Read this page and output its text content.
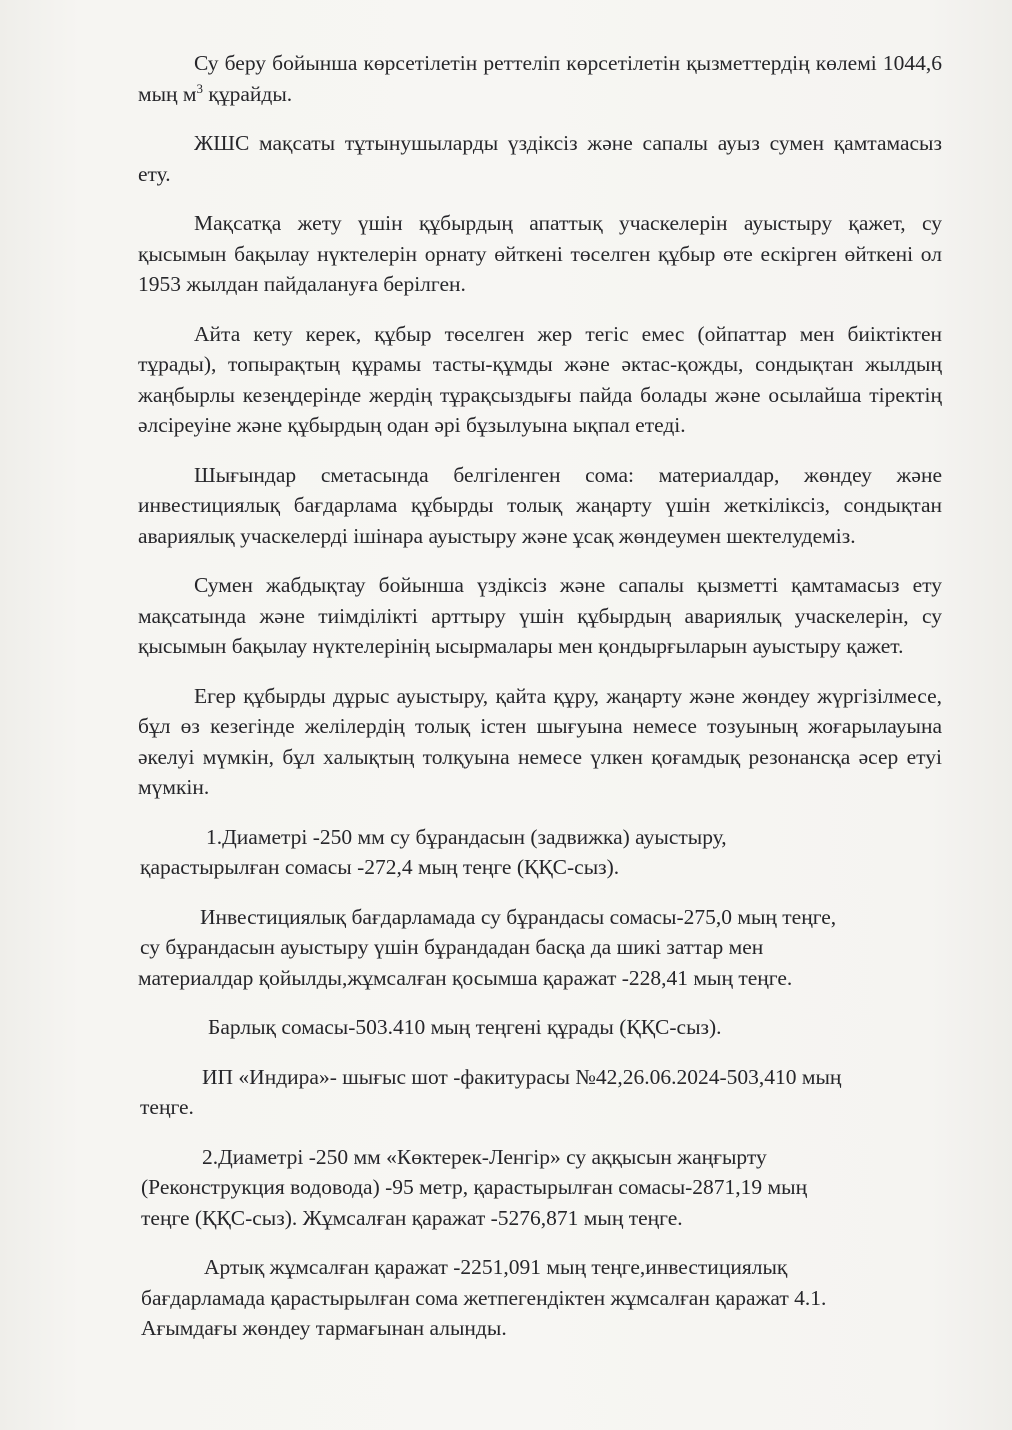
Су беру бойынша көрсетілетін реттеліп көрсетілетін қызметтердің көлемі 1044,6 мың $м^3$ құрайды.

ЖШС мақсаты тұтынушыларды үздіксіз және сапалы ауыз сумен қамтамасыз ету.

Мақсатқа жету үшін құбырдың апаттық учаскелерін ауыстыру қажет, су қысымын бақылау нүктелерін орнату өйткені төселген құбыр өте ескірген өйткені ол 1953 жылдан пайдалануға берілген.

Айта кету керек, құбыр төселген жер тегіс емес (ойпаттар мен биіктіктен тұрады), топырақтың құрамы тасты-құмды және әктас-қожды, сондықтан жылдың жаңбырлы кезеңдерінде жердің тұрақсыздығы пайда болады және осылайша тіректің әлсіреуіне және құбырдың одан әрі бұзылуына ықпал етеді.

Шығындар сметасында белгіленген сома: материалдар, жөндеу және инвестициялық бағдарлама құбырды толық жаңарту үшін жеткіліксіз, сондықтан авариялық учаскелерді ішінара ауыстыру және ұсақ жөндеумен шектелудеміз.

Сумен жабдықтау бойынша үздіксіз және сапалы қызметті қамтамасыз ету мақсатында және тиімділікті арттыру үшін құбырдың авариялық учаскелерін, су қысымын бақылау нүктелерінің ысырмалары мен қондырғыларын ауыстыру қажет.

Егер құбырды дұрыс ауыстыру, қайта құру, жаңарту және жөндеу жүргізілмесе, бұл өз кезегінде желілердің толық істен шығуына немесе тозуының жоғарылауына әкелуі мүмкін, бұл халықтың толқуына немесе үлкен қоғамдық резонансқа әсер етуі мүмкін.

1.Диаметрі -250 мм су бұрандасын (задвижка) ауыстыру,
қарастырылған сомасы -272,4 мың теңге (ҚҚС-сыз).
Инвестициялық бағдарламада су бұрандасы сомасы-275,0 мың теңге,
су бұрандасын ауыстыру үшін бұрандадан басқа да шикі заттар мен
материалдар қойылды,жұмсалған қосымша қаражат -228,41 мың теңге.

Барлық сомасы-503.410 мың теңгені құрады (ҚҚС-сыз).

ИП «Индира»- шығыс шот -факитурасы №42,26.06.2024-503,410 мың
теңге.
2.Диаметрі -250 мм «Көктерек-Ленгір» су аққысын жаңғырту
(Реконструкция водовода) -95 метр, қарастырылған сомасы-2871,19 мың
теңге (ҚҚС-сыз). Жұмсалған қаражат -5276,871 мың теңге.
Артық жұмсалған қаражат -2251,091 мың теңге,инвестициялық
бағдарламада қарастырылған сома жетпегендіктен жұмсалған қаражат 4.1.
Ағымдағы жөндеу тармағынан алынды.
